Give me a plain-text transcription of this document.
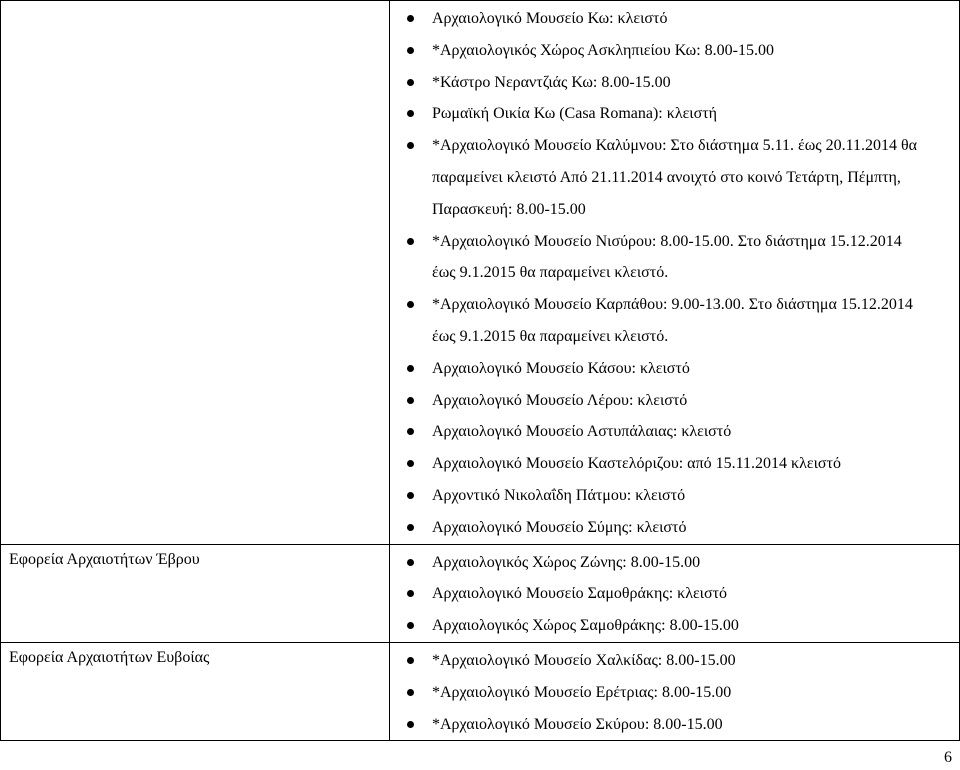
Αρχαιολογικό Μουσείο Κω: κλειστό
*Αρχαιολογικός Χώρος Ασκληπιείου Κω: 8.00-15.00
*Κάστρο Νεραντζιάς Κω: 8.00-15.00
Ρωμαϊκή Οικία Κω (Casa Romana): κλειστή
*Αρχαιολογικό Μουσείο Καλύμνου: Στο διάστημα 5.11. έως 20.11.2014 θα παραμείνει κλειστό Από 21.11.2014 ανοιχτό στο κοινό Τετάρτη, Πέμπτη, Παρασκευή: 8.00-15.00
*Αρχαιολογικό Μουσείο Νισύρου: 8.00-15.00. Στο διάστημα 15.12.2014 έως 9.1.2015 θα παραμείνει κλειστό.
*Αρχαιολογικό Μουσείο Καρπάθου: 9.00-13.00. Στο διάστημα 15.12.2014 έως 9.1.2015 θα παραμείνει κλειστό.
Αρχαιολογικό Μουσείο Κάσου: κλειστό
Αρχαιολογικό Μουσείο Λέρου: κλειστό
Αρχαιολογικό Μουσείο Αστυπάλαιας: κλειστό
Αρχαιολογικό Μουσείο Καστελόριζου: από 15.11.2014 κλειστό
Αρχοντικό Νικολαΐδη Πάτμου: κλειστό
Αρχαιολογικό Μουσείο Σύμης: κλειστό
Εφορεία Αρχαιοτήτων Έβρου	Αρχαιολογικός Χώρος Ζώνης: 8.00-15.00
Αρχαιολογικό Μουσείο Σαμοθράκης: κλειστό
Αρχαιολογικός Χώρος Σαμοθράκης: 8.00-15.00
Εφορεία Αρχαιοτήτων Ευβοίας	*Αρχαιολογικό Μουσείο Χαλκίδας: 8.00-15.00
*Αρχαιολογικό Μουσείο Ερέτριας: 8.00-15.00
*Αρχαιολογικό Μουσείο Σκύρου: 8.00-15.00
6
